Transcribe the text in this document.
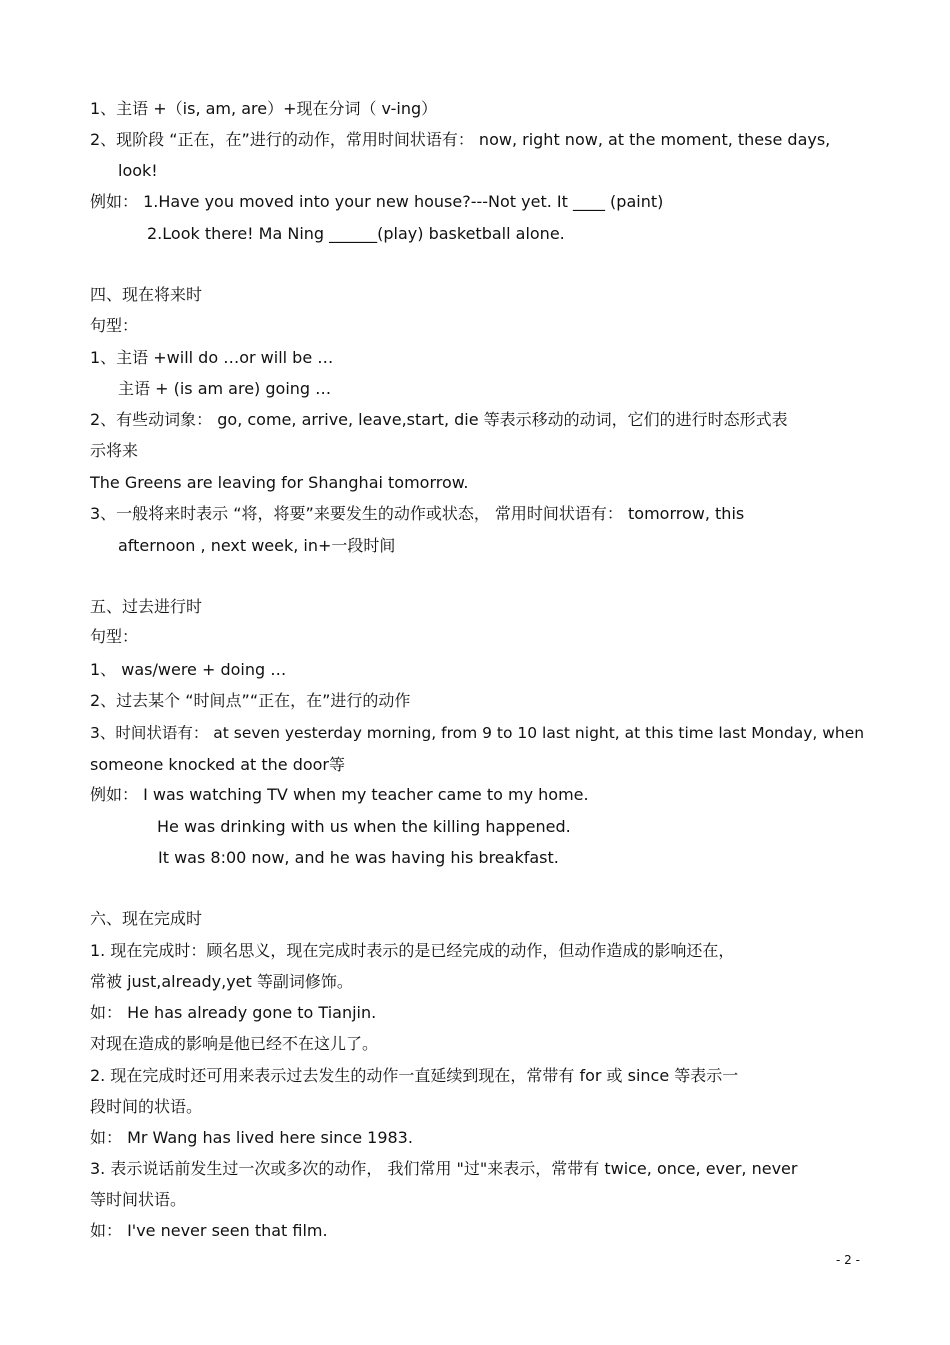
1、主语 +（is, am, are）+现在分词（ v-ing）
2、现阶段 “正在，在”进行的动作，常用时间状语有： now, right now, at the moment, these days,
look!
例如： 1.Have you moved into your new house?---Not yet. It ____ (paint)
2.Look there! Ma Ning ______(play) basketball alone.
四、现在将来时
句型：
1、主语 +will do …or will be …
主语 + (is am are) going …
2、有些动词象： go, come, arrive, leave,start, die 等表示移动的动词，它们的进行时态形式表
示将来
The Greens are leaving for Shanghai tomorrow.
3、一般将来时表示 “将，将要”来要发生的动作或状态， 常用时间状语有： tomorrow, this
afternoon , next week, in+一段时间
五、过去进行时
句型：
1、 was/were + doing …
2、过去某个 “时间点”“正在，在”进行的动作
3、时间状语有： at seven yesterday morning, from 9 to 10 last night, at this time last Monday, when
someone knocked at the door等
例如： I was watching TV when my teacher came to my home.
He was drinking with us when the killing happened.
It was 8:00 now, and he was having his breakfast.
六、现在完成时
1. 现在完成时：顾名思义，现在完成时表示的是已经完成的动作，但动作造成的影响还在，
常被 just,already,yet 等副词修饰。
如： He has already gone to Tianjin.
对现在造成的影响是他已经不在这儿了。
2. 现在完成时还可用来表示过去发生的动作一直延续到现在，常带有 for 或 since 等表示一
段时间的状语。
如： Mr Wang has lived here since 1983.
3. 表示说话前发生过一次或多次的动作， 我们常用 "过"来表示，常带有 twice, once, ever, never
等时间状语。
如： I've never seen that film.
- 2 -
